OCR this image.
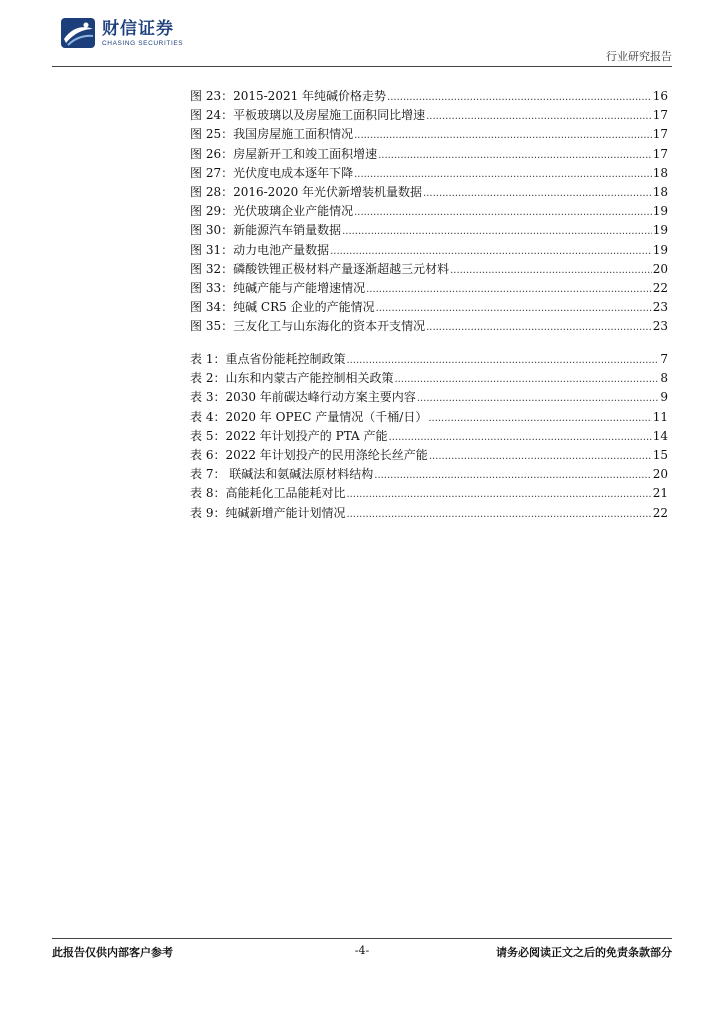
财信证券
CHASING SECURITIES
行业研究报告
图 23：2015-2021 年纯碱价格走势 .....	16
图 24：平板玻璃以及房屋施工面积同比增速 .....	17
图 25：我国房屋施工面积情况 .....	17
图 26：房屋新开工和竣工面积增速 .....	17
图 27：光伏度电成本逐年下降 .....	18
图 28：2016-2020 年光伏新增装机量数据 .....	18
图 29：光伏玻璃企业产能情况 .....	19
图 30：新能源汽车销量数据 .....	19
图 31：动力电池产量数据 .....	19
图 32：磷酸铁锂正极材料产量逐渐超越三元材料 .....	20
图 33：纯碱产能与产能增速情况 .....	22
图 34：纯碱 CR5 企业的产能情况 .....	23
图 35：三友化工与山东海化的资本开支情况 .....	23
表 1：重点省份能耗控制政策 .....	7
表 2：山东和内蒙古产能控制相关政策 .....	8
表 3：2030 年前碳达峰行动方案主要内容 .....	9
表 4：2020 年 OPEC 产量情况（千桶/日） .....	11
表 5：2022 年计划投产的 PTA 产能 .....	14
表 6：2022 年计划投产的民用涤纶长丝产能 .....	15
表 7： 联碱法和氨碱法原材料结构 .....	20
表 8：高能耗化工品能耗对比 .....	21
表 9：纯碱新增产能计划情况 .....	22
此报告仅供内部客户参考	-4-	请务必阅读正文之后的免责条款部分
